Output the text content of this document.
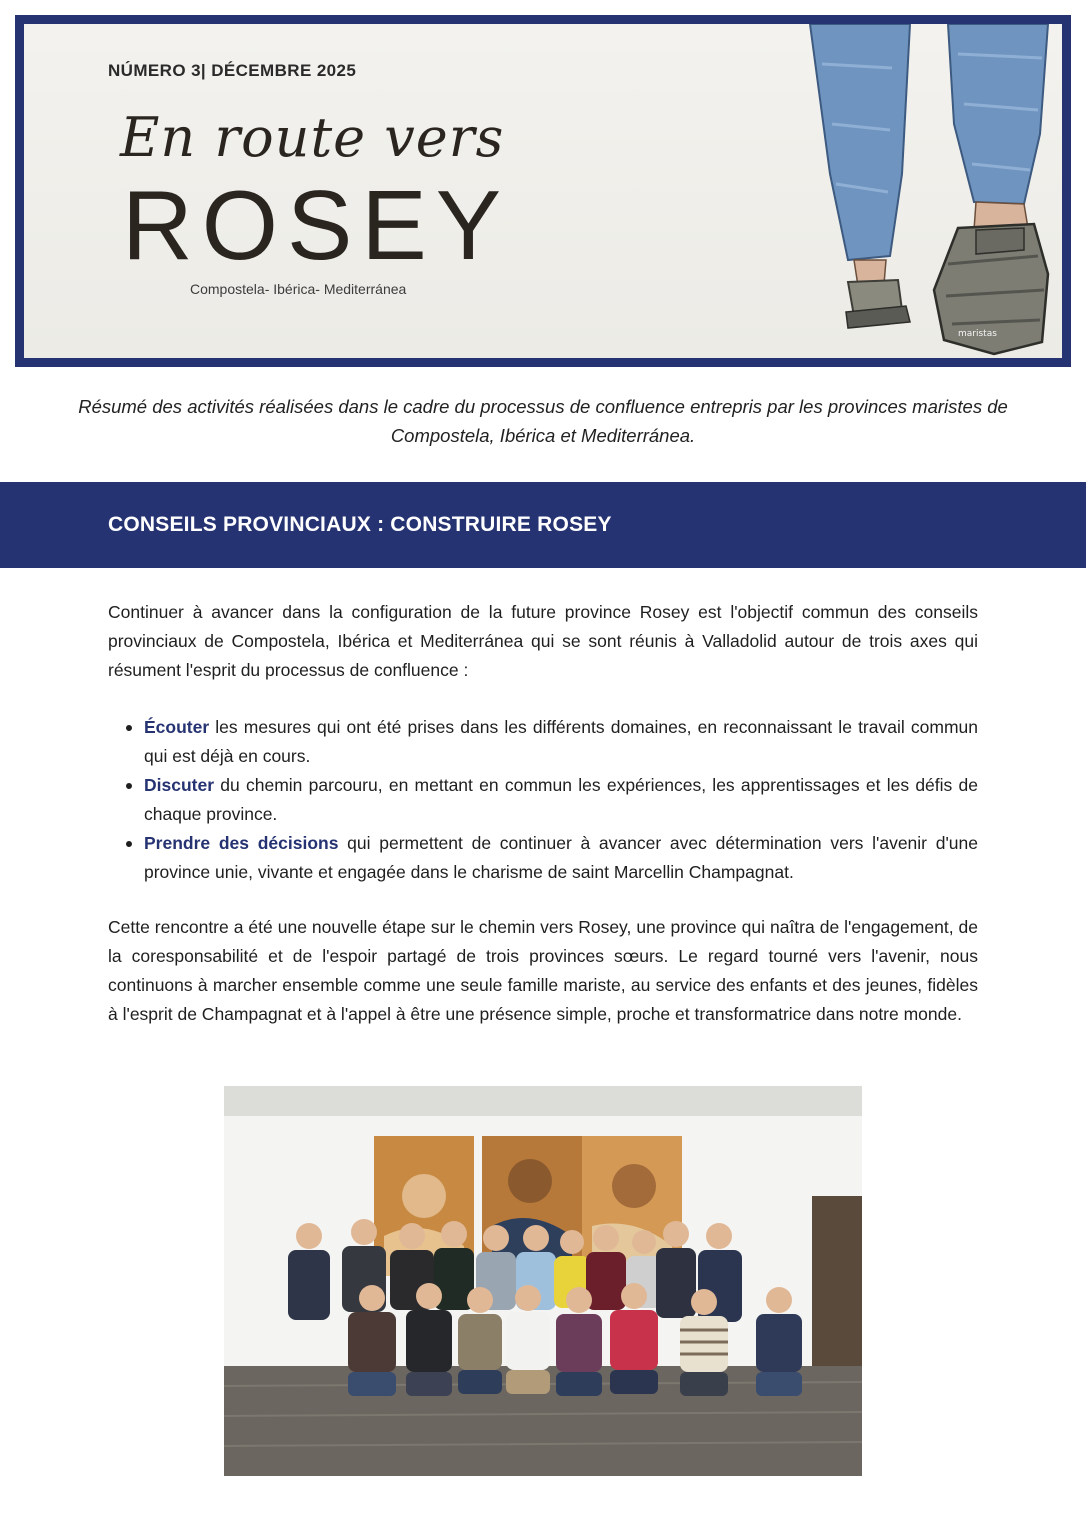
NÚMERO 3| DÉCEMBRE 2025
En route vers
ROSEY
Compostela- Ibérica- Mediterránea
maristas
Résumé des activités réalisées dans le cadre du processus de confluence entrepris par les provinces maristes de Compostela, Ibérica et Mediterránea.
CONSEILS PROVINCIAUX : CONSTRUIRE ROSEY
Continuer à avancer dans la configuration de la future province Rosey est l'objectif commun des conseils provinciaux de Compostela, Ibérica et Mediterránea qui se sont réunis à Valladolid autour de trois axes qui résument l'esprit du processus de confluence :
Écouter les mesures qui ont été prises dans les différents domaines, en reconnaissant le travail commun qui est déjà en cours.
Discuter du chemin parcouru, en mettant en commun les expériences, les apprentissages et les défis de chaque province.
Prendre des décisions qui permettent de continuer à avancer avec détermination vers l'avenir d'une province unie, vivante et engagée dans le charisme de saint Marcellin Champagnat.
Cette rencontre a été une nouvelle étape sur le chemin vers Rosey, une province qui naîtra de l'engagement, de la coresponsabilité et de l'espoir partagé de trois provinces sœurs. Le regard tourné vers l'avenir, nous continuons à marcher ensemble comme une seule famille mariste, au service des enfants et des jeunes, fidèles à l'esprit de Champagnat et à l'appel à être une présence simple, proche et transformatrice dans notre monde.
